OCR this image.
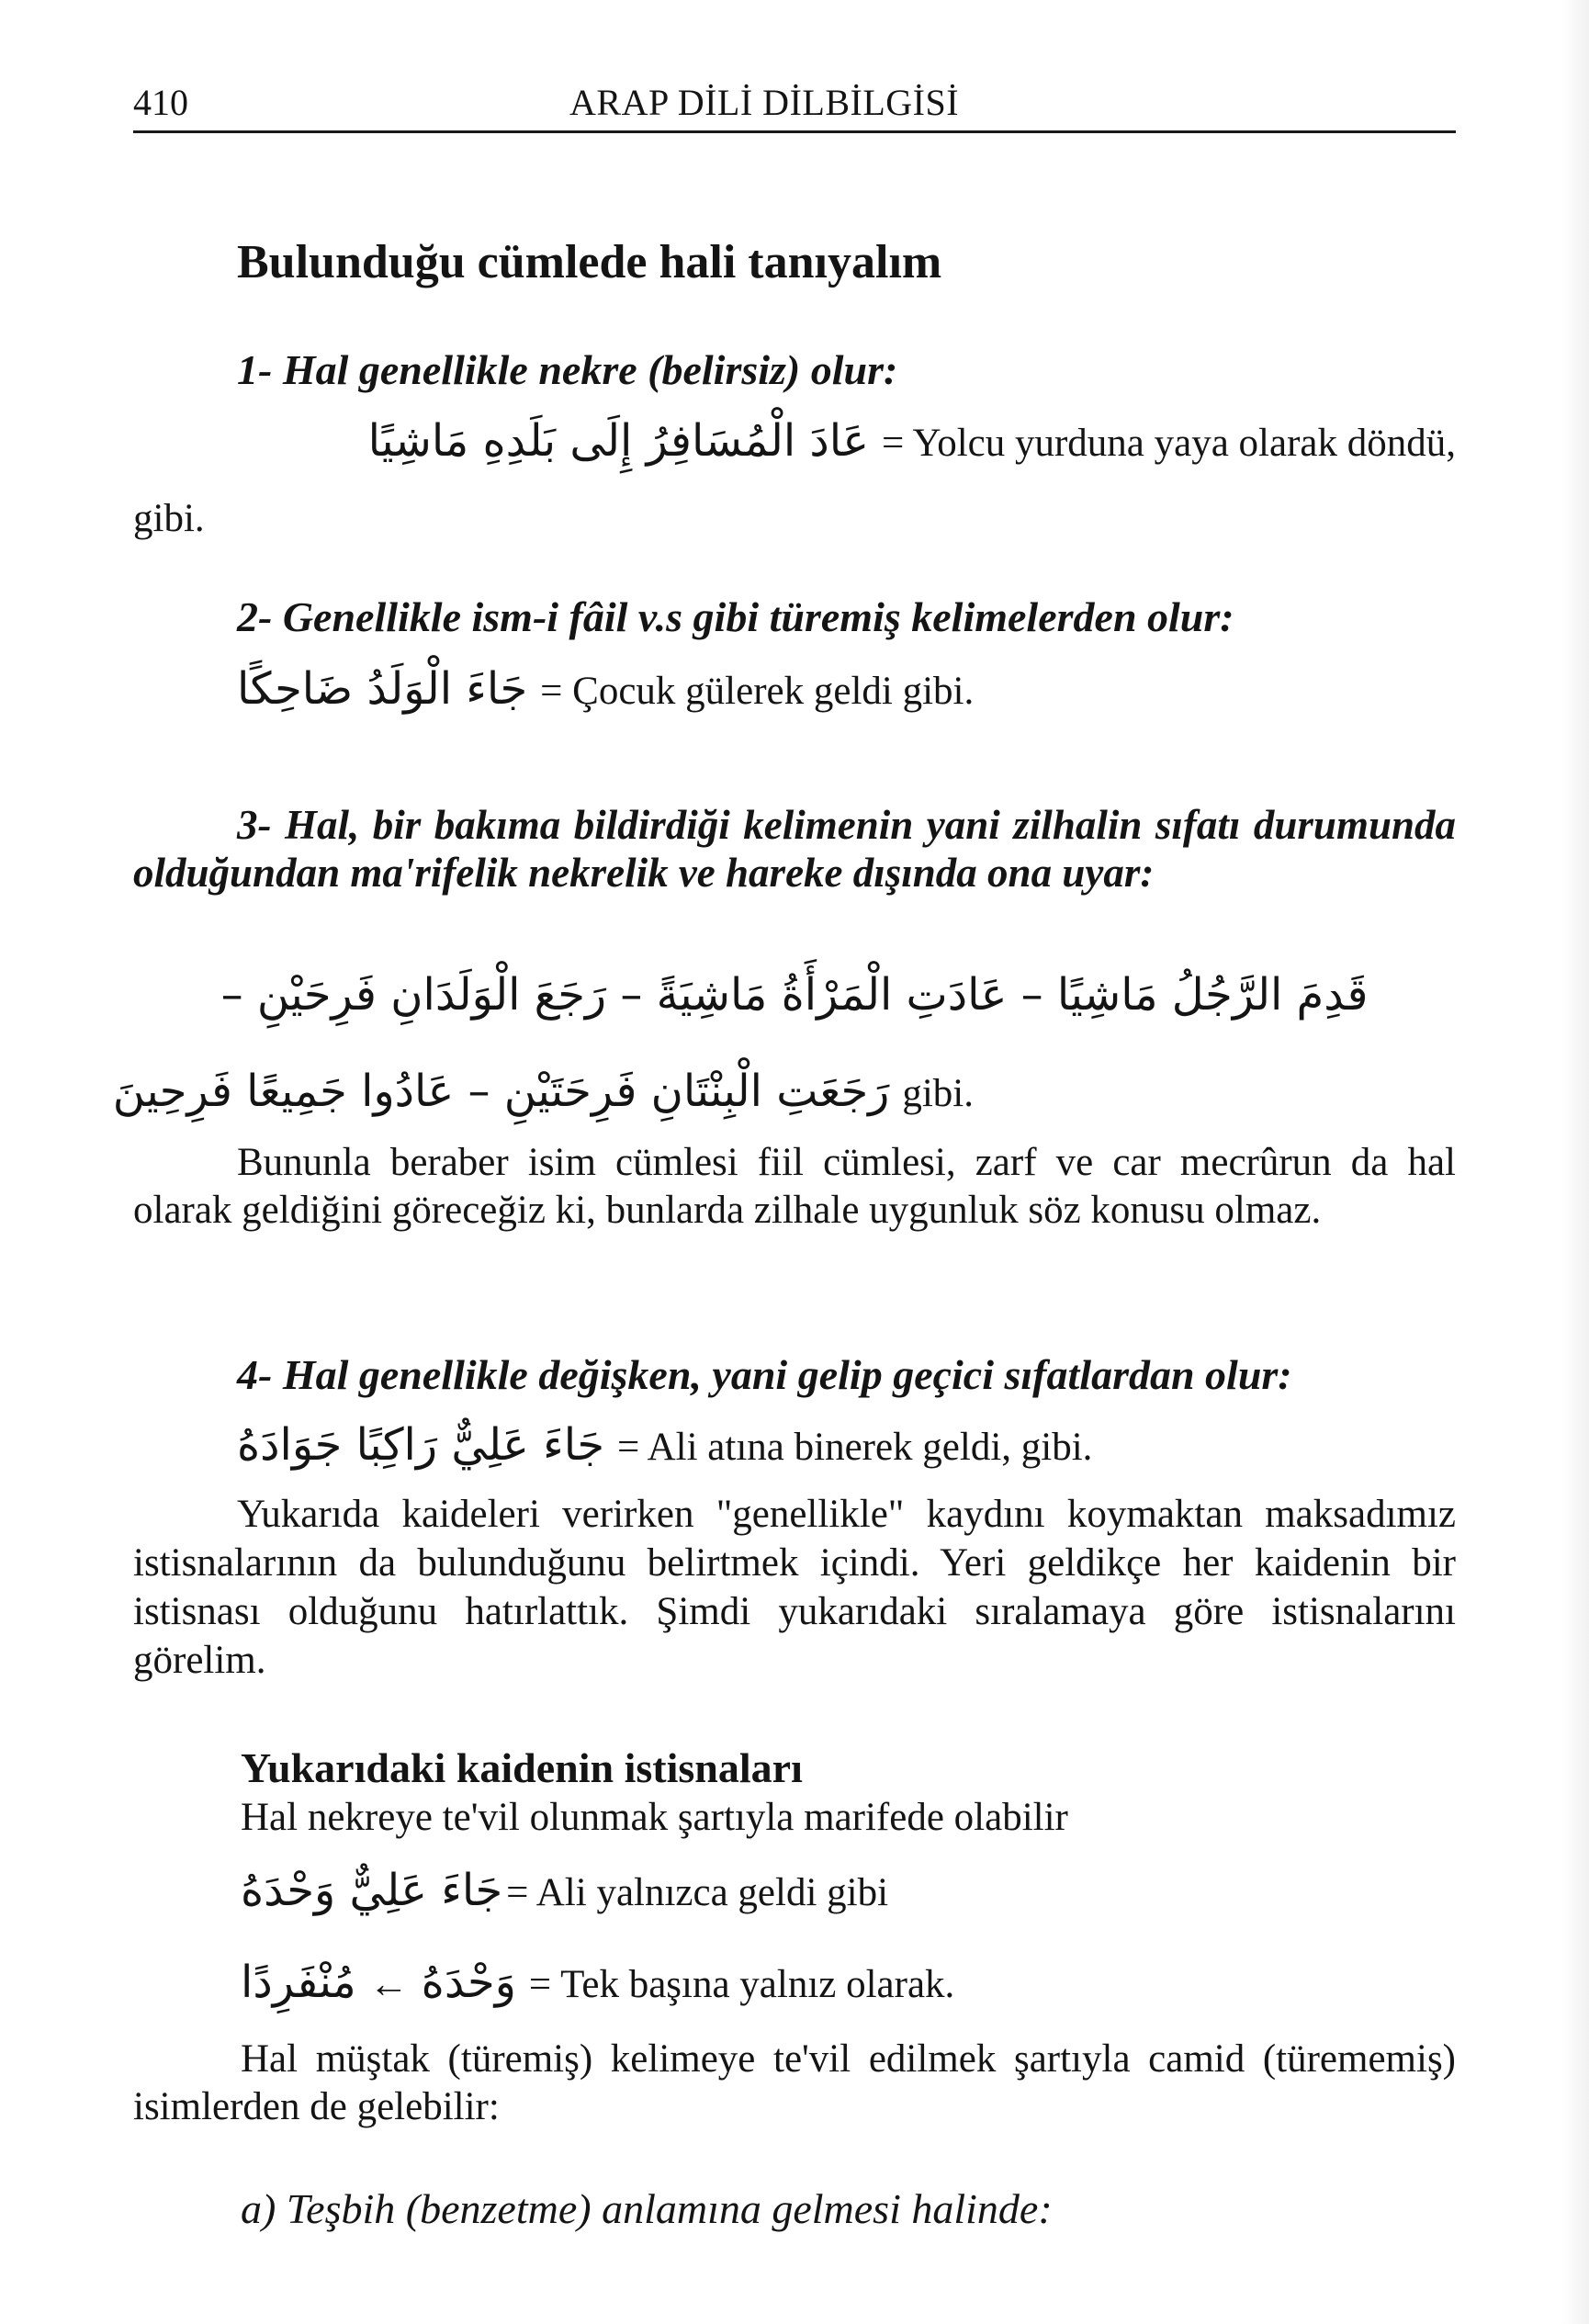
410	ARAP DİLİ DİLBİLGİSİ
Bulunduğu cümlede hali tanıyalım
1- Hal genellikle nekre (belirsiz) olur:
عَادَ الْمُسَافِرُ إِلَى بَلَدِهِ مَاشِيًا = Yolcu yurduna yaya olarak döndü,
gibi.
2- Genellikle ism-i fâil v.s gibi türemiş kelimelerden olur:
جَاءَ الْوَلَدُ ضَاحِكًا = Çocuk gülerek geldi gibi.
3- Hal, bir bakıma bildirdiği kelimenin yani zilhalin sıfatı durumunda olduğundan ma'rifelik nekrelik ve hareke dışında ona uyar:
قَدِمَ الرَّجُلُ مَاشِيًا – عَادَتِ الْمَرْأَةُ مَاشِيَةً – رَجَعَ الْوَلَدَانِ فَرِحَيْنِ –
رَجَعَتِ الْبِنْتَانِ فَرِحَتَيْنِ – عَادُوا جَمِيعًا فَرِحِينَ gibi.
Bununla beraber isim cümlesi fiil cümlesi, zarf ve car mecrûrun da hal olarak geldiğini göreceğiz ki, bunlarda zilhale uygunluk söz konusu olmaz.
4- Hal genellikle değişken, yani gelip geçici sıfatlardan olur:
جَاءَ عَلِيٌّ رَاكِبًا جَوَادَهُ = Ali atına binerek geldi, gibi.
Yukarıda kaideleri verirken "genellikle" kaydını koymaktan maksadımız istisnalarının da bulunduğunu belirtmek içindi. Yeri geldikçe her kaidenin bir istisnası olduğunu hatırlattık. Şimdi yukarıdaki sıralamaya göre istisnalarını görelim.
Yukarıdaki kaidenin istisnaları
Hal nekreye te'vil olunmak şartıyla marifede olabilir
جَاءَ عَلِيٌّ وَحْدَهُ = Ali yalnızca geldi gibi
مُنْفَرِدًا ← وَحْدَهُ = Tek başına yalnız olarak.
Hal müştak (türemiş) kelimeye te'vil edilmek şartıyla camid (türememiş) isimlerden de gelebilir:
a) Teşbih (benzetme) anlamına gelmesi halinde:
